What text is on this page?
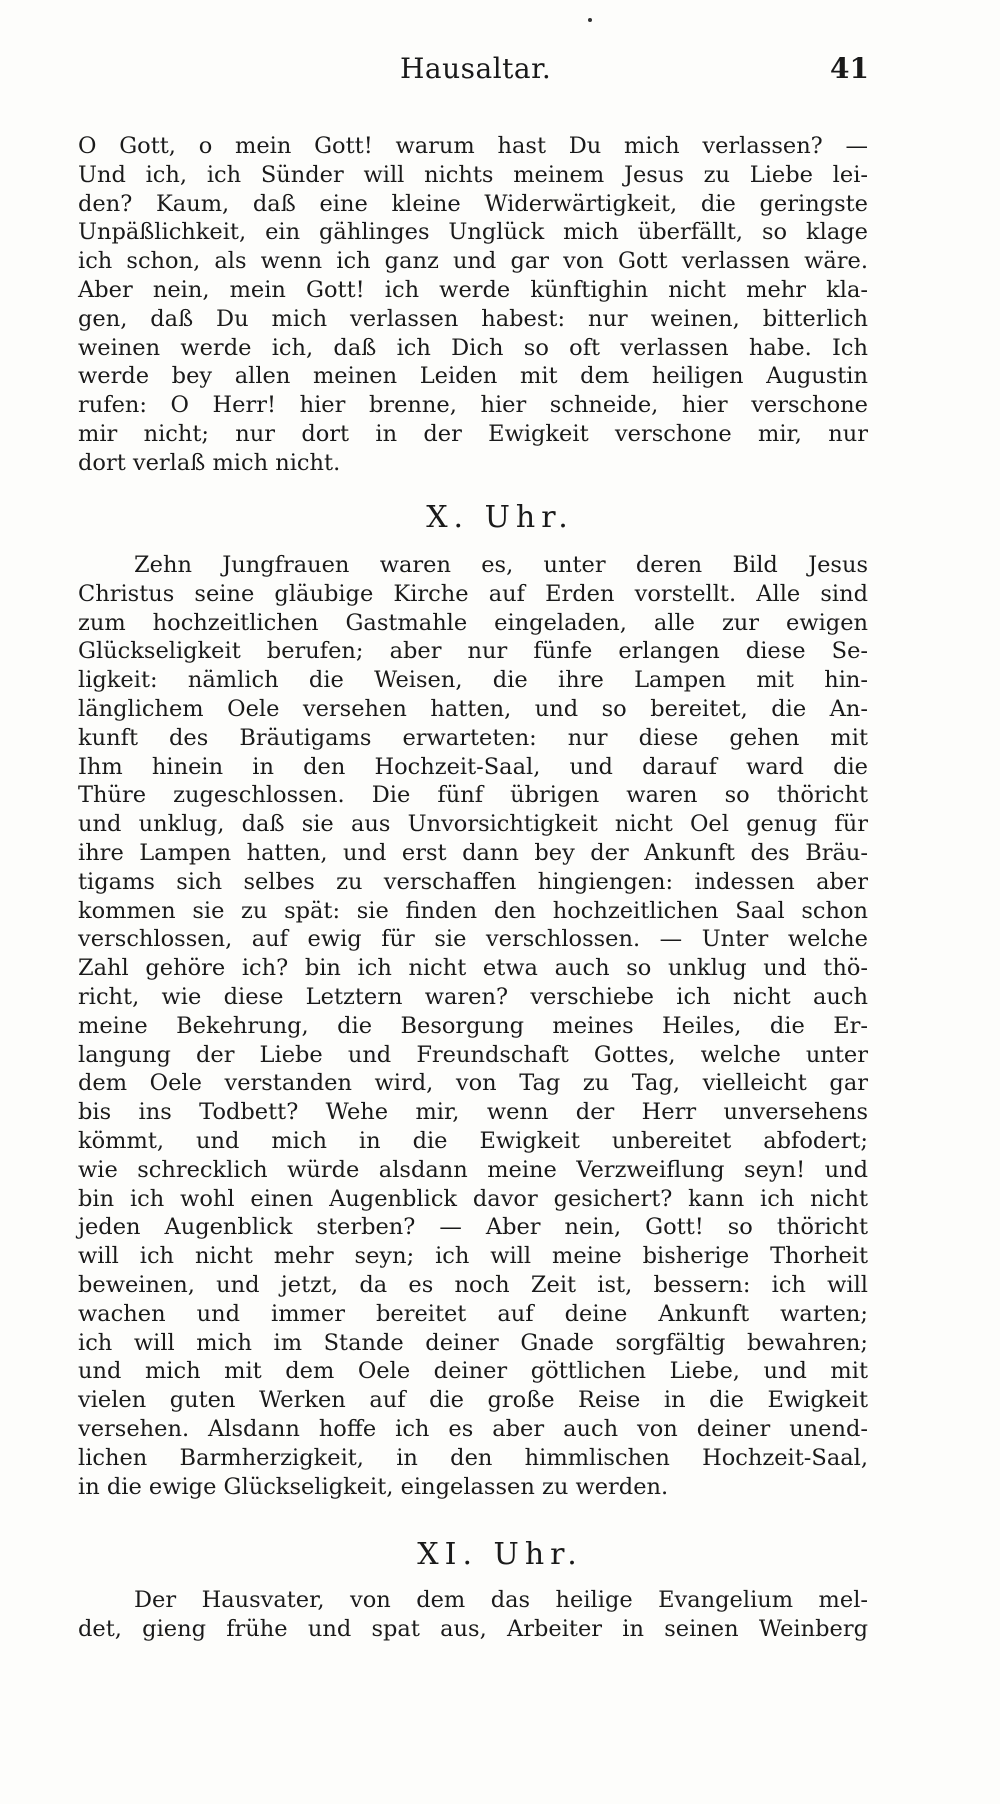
Hausaltar.	41
O Gott, o mein Gott! warum hast Du mich verlassen? —
Und ich, ich Sünder will nichts meinem Jesus zu Liebe lei-
den? Kaum, daß eine kleine Widerwärtigkeit, die geringste
Unpäßlichkeit, ein gählinges Unglück mich überfällt, so klage
ich schon, als wenn ich ganz und gar von Gott verlassen wäre.
Aber nein, mein Gott! ich werde künftighin nicht mehr kla-
gen, daß Du mich verlassen habest: nur weinen, bitterlich
weinen werde ich, daß ich Dich so oft verlassen habe. Ich
werde bey allen meinen Leiden mit dem heiligen Augustin
rufen: O Herr! hier brenne, hier schneide, hier verschone
mir nicht; nur dort in der Ewigkeit verschone mir, nur
dort verlaß mich nicht.
X. Uhr.
Zehn Jungfrauen waren es, unter deren Bild Jesus
Christus seine gläubige Kirche auf Erden vorstellt. Alle sind
zum hochzeitlichen Gastmahle eingeladen, alle zur ewigen
Glückseligkeit berufen; aber nur fünfe erlangen diese Se-
ligkeit: nämlich die Weisen, die ihre Lampen mit hin-
länglichem Oele versehen hatten, und so bereitet, die An-
kunft des Bräutigams erwarteten: nur diese gehen mit
Ihm hinein in den Hochzeit-Saal, und darauf ward die
Thüre zugeschlossen. Die fünf übrigen waren so thöricht
und unklug, daß sie aus Unvorsichtigkeit nicht Oel genug für
ihre Lampen hatten, und erst dann bey der Ankunft des Bräu-
tigams sich selbes zu verschaffen hingiengen: indessen aber
kommen sie zu spät: sie finden den hochzeitlichen Saal schon
verschlossen, auf ewig für sie verschlossen. — Unter welche
Zahl gehöre ich? bin ich nicht etwa auch so unklug und thö-
richt, wie diese Letztern waren? verschiebe ich nicht auch
meine Bekehrung, die Besorgung meines Heiles, die Er-
langung der Liebe und Freundschaft Gottes, welche unter
dem Oele verstanden wird, von Tag zu Tag, vielleicht gar
bis ins Todbett? Wehe mir, wenn der Herr unversehens
kömmt, und mich in die Ewigkeit unbereitet abfodert;
wie schrecklich würde alsdann meine Verzweiflung seyn! und
bin ich wohl einen Augenblick davor gesichert? kann ich nicht
jeden Augenblick sterben? — Aber nein, Gott! so thöricht
will ich nicht mehr seyn; ich will meine bisherige Thorheit
beweinen, und jetzt, da es noch Zeit ist, bessern: ich will
wachen und immer bereitet auf deine Ankunft warten;
ich will mich im Stande deiner Gnade sorgfältig bewahren;
und mich mit dem Oele deiner göttlichen Liebe, und mit
vielen guten Werken auf die große Reise in die Ewigkeit
versehen. Alsdann hoffe ich es aber auch von deiner unend-
lichen Barmherzigkeit, in den himmlischen Hochzeit-Saal,
in die ewige Glückseligkeit, eingelassen zu werden.
XI. Uhr.
Der Hausvater, von dem das heilige Evangelium mel-
det, gieng frühe und spat aus, Arbeiter in seinen Weinberg
